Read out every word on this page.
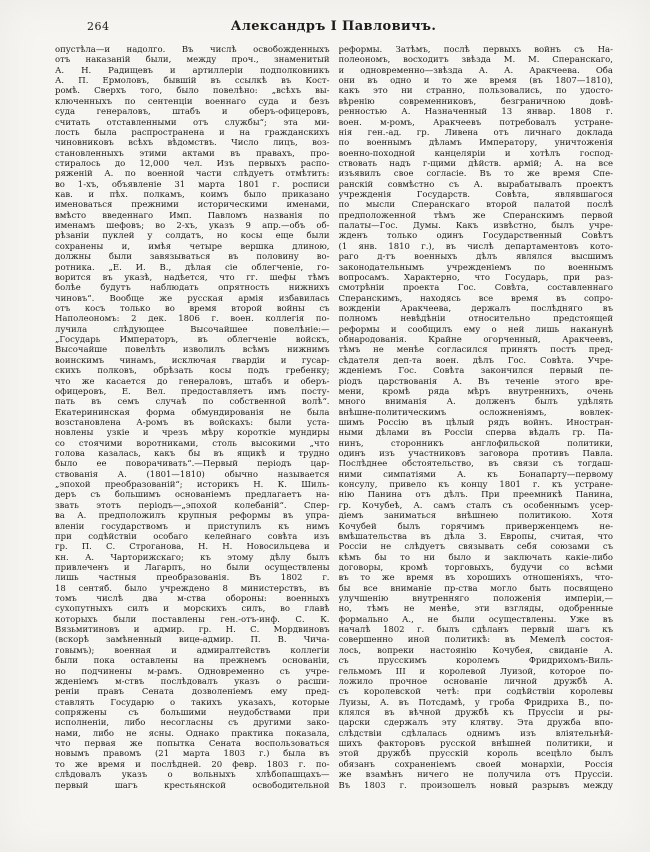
264	Александръ I Павловичъ.
опустѣла—и надолго. Въ числѣ освобожденныхъ
отъ наказаній были, между проч., знаменитый
А. Н. Радищевъ и артиллеріи подполковникъ
А. П. Ермоловъ, бывшій въ ссылкѣ въ Кост-
ромѣ. Сверхъ того, было повелѣно: „всѣхъ вы-
ключенныхъ по сентенціи военнаго суда и безъ
суда генераловъ, штабъ и оберъ-офицеровъ,
считать отставленными отъ службы“; эта ми-
лость была распространена и на гражданскихъ
чиновниковъ всѣхъ вѣдомствъ. Число лицъ, воз-
становленныхъ этими актами въ правахъ, про-
стиралось до 12,000 чел. Изъ первыхъ распо-
ряженій А. по военной части слѣдуетъ отмѣтить:
во 1-хъ, объявленіе 31 марта 1801 г. росписи
кав. и пѣх. полкамъ, коимъ было приказано
именоваться прежними историческими именами,
вмѣсто введеннаго Имп. Павломъ названія по
именамъ шефовъ; во 2-хъ, указъ 9 апр.—объ об-
рѣзаніи пуклей у солдатъ, но косы еще были
сохранены и, имѣя четыре вершка длиною,
должны были завязываться въ половину во-
ротника. „Е. И. В., дѣлая сіе облегченіе, го-
ворится въ указѣ, надѣется, что гг. шефы тѣмъ
болѣе будутъ наблюдать опрятность нижнихъ
чиновъ“. Вообще же русская армія избавилась
отъ косъ только во время второй войны съ
Наполеономъ: 2 дек. 1806 г. воен. коллегія по-
лучила слѣдующее Высочайшее повелѣніе:—
„Государь Императоръ, въ облегченіе войскъ,
Высочайше повелѣть изволилъ всѣмъ нижнимъ
воинскимъ чинамъ, исключая гвардіи и гусар-
скихъ полковъ, обрѣзать косы подъ гребенку;
что же касается до генераловъ, штабъ и оберъ-
офицеровъ, Е. Вел. предоставляетъ имъ посту-
пать въ семъ случаѣ по собственной волѣ“.
Екатерининская форма обмундированія не была
возстановлена А-ромъ въ войскахъ: были уста-
новлены узкіе и чрезъ мѣру короткіе мундиры
со стоячими воротниками, столь высокими „что
голова казалась, какъ бы въ ящикѣ и трудно
было ее поворачивать“.—Первый періодъ цар-
ствованія А. (1801—1810) обычно называется
„эпохой преобразованій“; историкъ Н. К. Шиль-
деръ съ большимъ основаніемъ предлагаетъ на-
звать этотъ періодъ—„эпохой колебаній“. Спер-
ва А. предположилъ крупныя реформы въ упра-
вленіи государствомъ и приступилъ къ нимъ
при содѣйствіи особаго келейнаго совѣта изъ
гр. П. С. Строганова, Н. Н. Новосильцева и
кн. А. Чарторижскаго; къ этому дѣлу былъ
привлеченъ и Лагарпъ, но были осуществлены
лишь частныя преобразованія. Въ 1802 г.
18 сентяб. было учреждено 8 министерствъ, въ
томъ числѣ два м-ства обороны: военныхъ
сухопутныхъ силъ и морскихъ силъ, во главѣ
которыхъ были поставлены ген.-отъ-инф. С. К.
Вязьмитиновъ и адмир. гр. Н. С. Мордвиновъ
(вскорѣ замѣненный вице-адмир. П. В. Чича-
говымъ); военная и адмиралтействъ коллегіи
были пока оставлены на прежнемъ основаніи,
но подчинены м-рамъ. Одновременно съ учре-
жденіемъ м-ствъ послѣдовалъ указъ о расши-
реніи правъ Сената дозволеніемъ ему пред-
ставлять Государю о такихъ указахъ, которые
сопряжены съ большими неудобствами при
исполненіи, либо несогласны съ другими зако-
нами, либо не ясны. Однако практика показала,
что первая же попытка Сената воспользоваться
новымъ правомъ (21 марта 1803 г.) была въ
то же время и послѣдней. 20 февр. 1803 г. по-
слѣдовалъ указъ о вольныхъ хлѣбопашцахъ—
первый шагъ крестьянской освободительной
реформы. Затѣмъ, послѣ первыхъ войнъ съ На-
полеономъ, восходитъ звѣзда М. М. Сперанскаго,
и одновременно—звѣзда А. А. Аракчеева. Оба
они въ одно и то же время (въ 1807—1810),
какъ это ни странно, пользовались, по удосто-
вѣренію современниковъ, безграничною довѣ-
ренностью А. Назначенный 13 январ. 1808 г.
воен. м-ромъ, Аракчеевъ потребовалъ устране-
нія ген.-ад. гр. Ливена отъ личнаго доклада
по военнымъ дѣламъ Императору, уничтоженія
военно-походной канцеляріи и хотѣлъ господ-
ствовать надъ г-щими дѣйств. армій; А. на все
изъявилъ свое согласіе. Въ то же время Спе-
ранскій совмѣстно съ А. вырабатывалъ проектъ
учрежденія Государств. Совѣта, являвшагося
по мысли Сперанскаго второй палатой послѣ
предположенной тѣмъ же Сперанскимъ первой
палаты—Гос. Думы. Какъ извѣстно, былъ учре-
жденъ только одинъ Государственный Совѣтъ
(1 янв. 1810 г.), въ числѣ департаментовъ кото-
раго д-тъ военныхъ дѣлъ являлся высшимъ
законодательнымъ учрежденіемъ по военнымъ
вопросамъ. Характерно, что Государь, при раз-
смотрѣніи проекта Гос. Совѣта, составленнаго
Сперанскимъ, находясь все время въ сопро-
вожденіи Аракчеева, держалъ послѣдняго въ
полномъ невѣдѣніи относительно предстоящей
реформы и сообщилъ ему о ней лишь наканунѣ
обнародованія. Крайне огорченный, Аракчеевъ,
тѣмъ не менѣе согласился принять постъ пред-
сѣдателя деп-та воен. дѣлъ Гос. Совѣта. Учре-
жденіемъ Гос. Совѣта закончился первый пе-
ріодъ царствованія А. Въ теченіе этого вре-
мени, кромѣ ряда мѣръ внутреннихъ, очень
много вниманія А. долженъ былъ удѣлять
внѣшне-политическимъ осложненіямъ, вовлек-
шимъ Россію въ цѣлый рядъ войнъ. Иностран-
ными дѣлами въ Россіи сперва вѣдалъ гр. Па-
нинъ, сторонникъ англофильской политики,
одинъ изъ участниковъ заговора противъ Павла.
Послѣднее обстоятельство, въ связи съ тогдаш-
ними симпатіями А. къ Бонапарту—первому
консулу, привело къ концу 1801 г. къ устране-
нію Панина отъ дѣлъ. При преемникѣ Панина,
гр. Кочубеѣ, А. самъ сталъ съ особеннымъ усер-
діемъ заниматься внѣшнею политикою. Хотя
Кочубей былъ горячимъ приверженцемъ не-
вмѣшательства въ дѣла З. Европы, считая, что
Россіи не слѣдуетъ связывать себя союзами съ
кѣмъ бы то ни было и заключать какіе-либо
договоры, кромѣ торговыхъ, будучи со всѣми
въ то же время въ хорошихъ отношеніяхъ, что-
бы все вниманіе пр-ства могло быть посвящено
улучшенію внутренняго положенія имперіи,—
но, тѣмъ не менѣе, эти взгляды, одобренные
формально А., не были осуществлены. Уже въ
началѣ 1802 г. былъ сдѣланъ первый шагъ къ
совершенно иной политикѣ: въ Мемелѣ состоя-
лось, вопреки настоянію Кочубея, свиданіе А.
съ прусскимъ королемъ Фридрихомъ-Виль-
гельмомъ III и королевой Луизой, которое по-
ложило прочное основаніе личной дружбѣ А.
съ королевской четѣ: при содѣйствіи королевы
Луизы, А. въ Потсдамѣ, у гроба Фридриха В., по-
клялся въ вѣчной дружбѣ къ Пруссіи и ры-
царски сдержалъ эту клятву. Эта дружба впо-
слѣдствіи сдѣлалась однимъ изъ вліятельнѣй-
шихъ факторовъ русской внѣшней политики, и
этой дружбѣ прусскій король всецѣло былъ
обязанъ сохраненіемъ своей монархіи, Россія
же взамѣнъ ничего не получила отъ Пруссіи.
Въ 1803 г. произошелъ новый разрывъ между
